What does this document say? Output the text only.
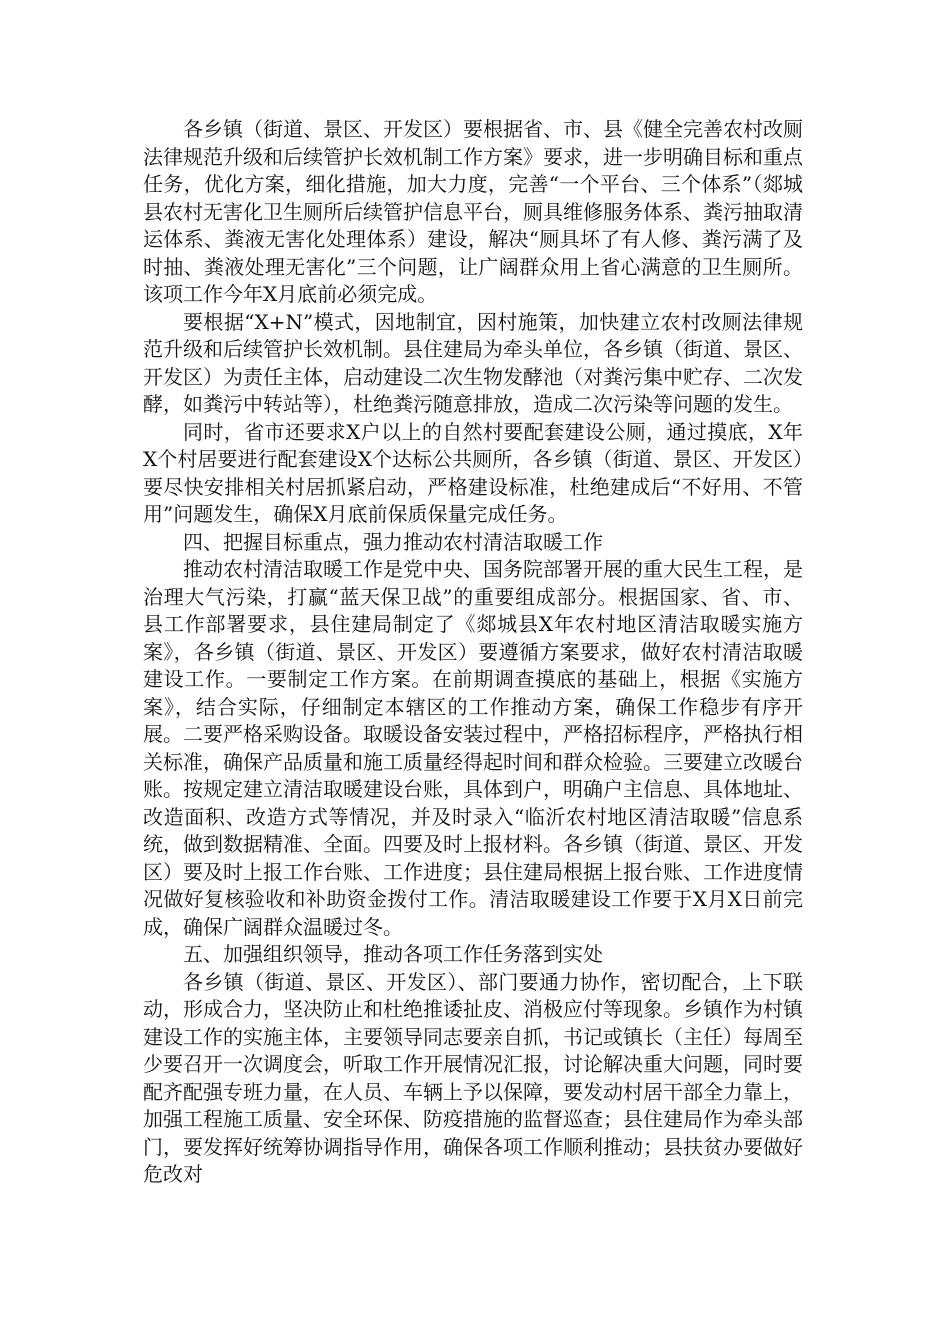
各乡镇（街道、景区、开发区）要根据省、市、县《健全完善农村改厕法律规范升级和后续管护长效机制工作方案》要求，进一步明确目标和重点任务，优化方案，细化措施，加大力度，完善“一个平台、三个体系”（郯城县农村无害化卫生厕所后续管护信息平台，厕具维修服务体系、粪污抽取清运体系、粪液无害化处理体系）建设，解决“厕具坏了有人修、粪污满了及时抽、粪液处理无害化”三个问题，让广阔群众用上省心满意的卫生厕所。该项工作今年X月底前必须完成。

要根据“X+N”模式，因地制宜，因村施策，加快建立农村改厕法律规范升级和后续管护长效机制。县住建局为牵头单位，各乡镇（街道、景区、开发区）为责任主体，启动建设二次生物发酵池（对粪污集中贮存、二次发酵，如粪污中转站等），杜绝粪污随意排放，造成二次污染等问题的发生。

同时，省市还要求X户以上的自然村要配套建设公厕，通过摸底，X年X个村居要进行配套建设X个达标公共厕所，各乡镇（街道、景区、开发区）要尽快安排相关村居抓紧启动，严格建设标准，杜绝建成后“不好用、不管用”问题发生，确保X月底前保质保量完成任务。

四、把握目标重点，强力推动农村清洁取暖工作

推动农村清洁取暖工作是党中央、国务院部署开展的重大民生工程，是治理大气污染，打赢“蓝天保卫战”的重要组成部分。根据国家、省、市、县工作部署要求，县住建局制定了《郯城县X年农村地区清洁取暖实施方案》，各乡镇（街道、景区、开发区）要遵循方案要求，做好农村清洁取暖建设工作。一要制定工作方案。在前期调查摸底的基础上，根据《实施方案》，结合实际，仔细制定本辖区的工作推动方案，确保工作稳步有序开展。二要严格采购设备。取暖设备安装过程中，严格招标程序，严格执行相关标准，确保产品质量和施工质量经得起时间和群众检验。三要建立改暖台账。按规定建立清洁取暖建设台账，具体到户，明确户主信息、具体地址、改造面积、改造方式等情况，并及时录入“临沂农村地区清洁取暖”信息系统，做到数据精准、全面。四要及时上报材料。各乡镇（街道、景区、开发区）要及时上报工作台账、工作进度；县住建局根据上报台账、工作进度情况做好复核验收和补助资金拨付工作。清洁取暖建设工作要于X月X日前完成，确保广阔群众温暖过冬。

五、加强组织领导，推动各项工作任务落到实处

各乡镇（街道、景区、开发区）、部门要通力协作，密切配合，上下联动，形成合力，坚决防止和杜绝推诿扯皮、消极应付等现象。乡镇作为村镇建设工作的实施主体，主要领导同志要亲自抓，书记或镇长（主任）每周至少要召开一次调度会，听取工作开展情况汇报，讨论解决重大问题，同时要配齐配强专班力量，在人员、车辆上予以保障，要发动村居干部全力靠上，加强工程施工质量、安全环保、防疫措施的监督巡查；县住建局作为牵头部门，要发挥好统筹协调指导作用，确保各项工作顺利推动；县扶贫办要做好危改对
